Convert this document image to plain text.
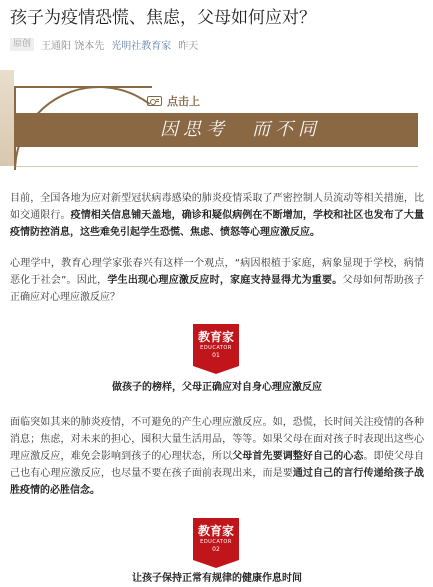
孩子为疫情恐慌、焦虑，父母如何应对？
原创	王通阳 饶本先 光明社教育家 昨天
点击上
因思考　而不同
目前，全国各地为应对新型冠状病毒感染的肺炎疫情采取了严密控制人员流动等相关措施，比如交通限行。疫情相关信息铺天盖地，确诊和疑似病例在不断增加，学校和社区也发布了大量疫情防控消息，这些难免引起学生恐慌、焦虑、愤怒等心理应激反应。
心理学中，教育心理学家张春兴有这样一个观点，“病因根植于家庭，病象显现于学校，病情恶化于社会”。因此，学生出现心理应激反应时，家庭支持显得尤为重要。父母如何帮助孩子正确应对心理应激反应？
教育家
EDUCATOR
01
做孩子的榜样，父母正确应对自身心理应激反应
面临突如其来的肺炎疫情，不可避免的产生心理应激反应。如，恐慌，长时间关注疫情的各种消息；焦虑，对未来的担心，囤积大量生活用品，等等。如果父母在面对孩子时表现出这些心理应激反应，难免会影响到孩子的心理状态，所以父母首先要调整好自己的心态。即使父母自己也有心理应激反应，也尽量不要在孩子面前表现出来，而是要通过自己的言行传递给孩子战胜疫情的必胜信念。
教育家
EDUCATOR
02
让孩子保持正常有规律的健康作息时间
